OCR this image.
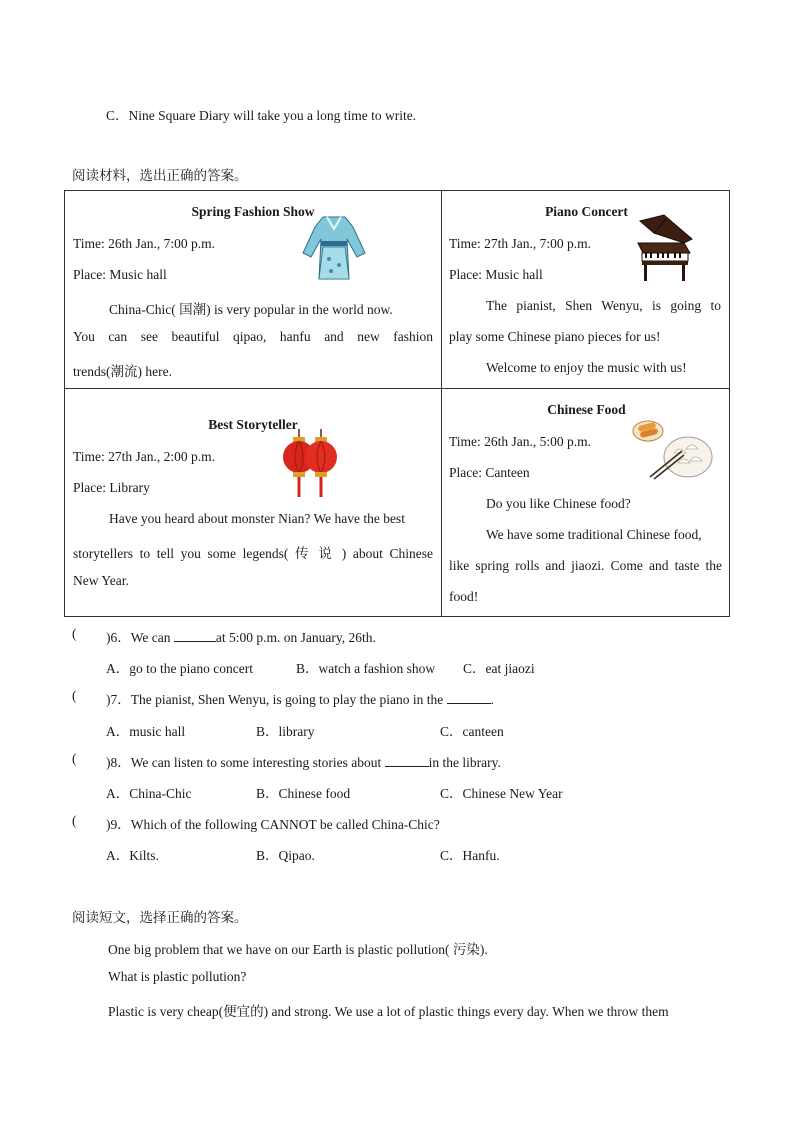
C．Nine Square Diary will take you a long time to write.
阅读材料，选出正确的答案。
Spring Fashion Show
Time: 26th Jan., 7:00 p.m.
Place: Music hall
China-Chic( 国潮) is very popular in the world now.
You can see beautiful qipao, hanfu and new fashion
trends(潮流) here.
Piano Concert
Time: 27th Jan., 7:00 p.m.
Place: Music hall
The pianist, Shen Wenyu, is going to
play some Chinese piano pieces for us!
Welcome to enjoy the music with us!
Best Storyteller
Time: 27th Jan., 2:00 p.m.
Place: Library
Have you heard about monster Nian? We have the best
storytellers to tell you some legends( 传 说 ) about Chinese
New Year.
Chinese Food
Time: 26th Jan., 5:00 p.m.
Place: Canteen
Do you like Chinese food?
We have some traditional Chinese food,
like spring rolls and jiaozi. Come and taste the
food!
( )6．We can	at 5:00 p.m. on January, 26th.
A．go to the piano concert	B．watch a fashion show C．eat jiaozi
( )7．The pianist, Shen Wenyu, is going to play the piano in the	.
A．music hall	B．library	C．canteen
( )8．We can listen to some interesting stories about	in the library.
A．China-Chic	B．Chinese food	C．Chinese New Year
( )9．Which of the following CANNOT be called China-Chic?
A．Kilts.	B．Qipao.	C．Hanfu.
阅读短文，选择正确的答案。
One big problem that we have on our Earth is plastic pollution( 污染).
What is plastic pollution?
Plastic is very cheap(便宜的) and strong. We use a lot of plastic things every day. When we throw them
